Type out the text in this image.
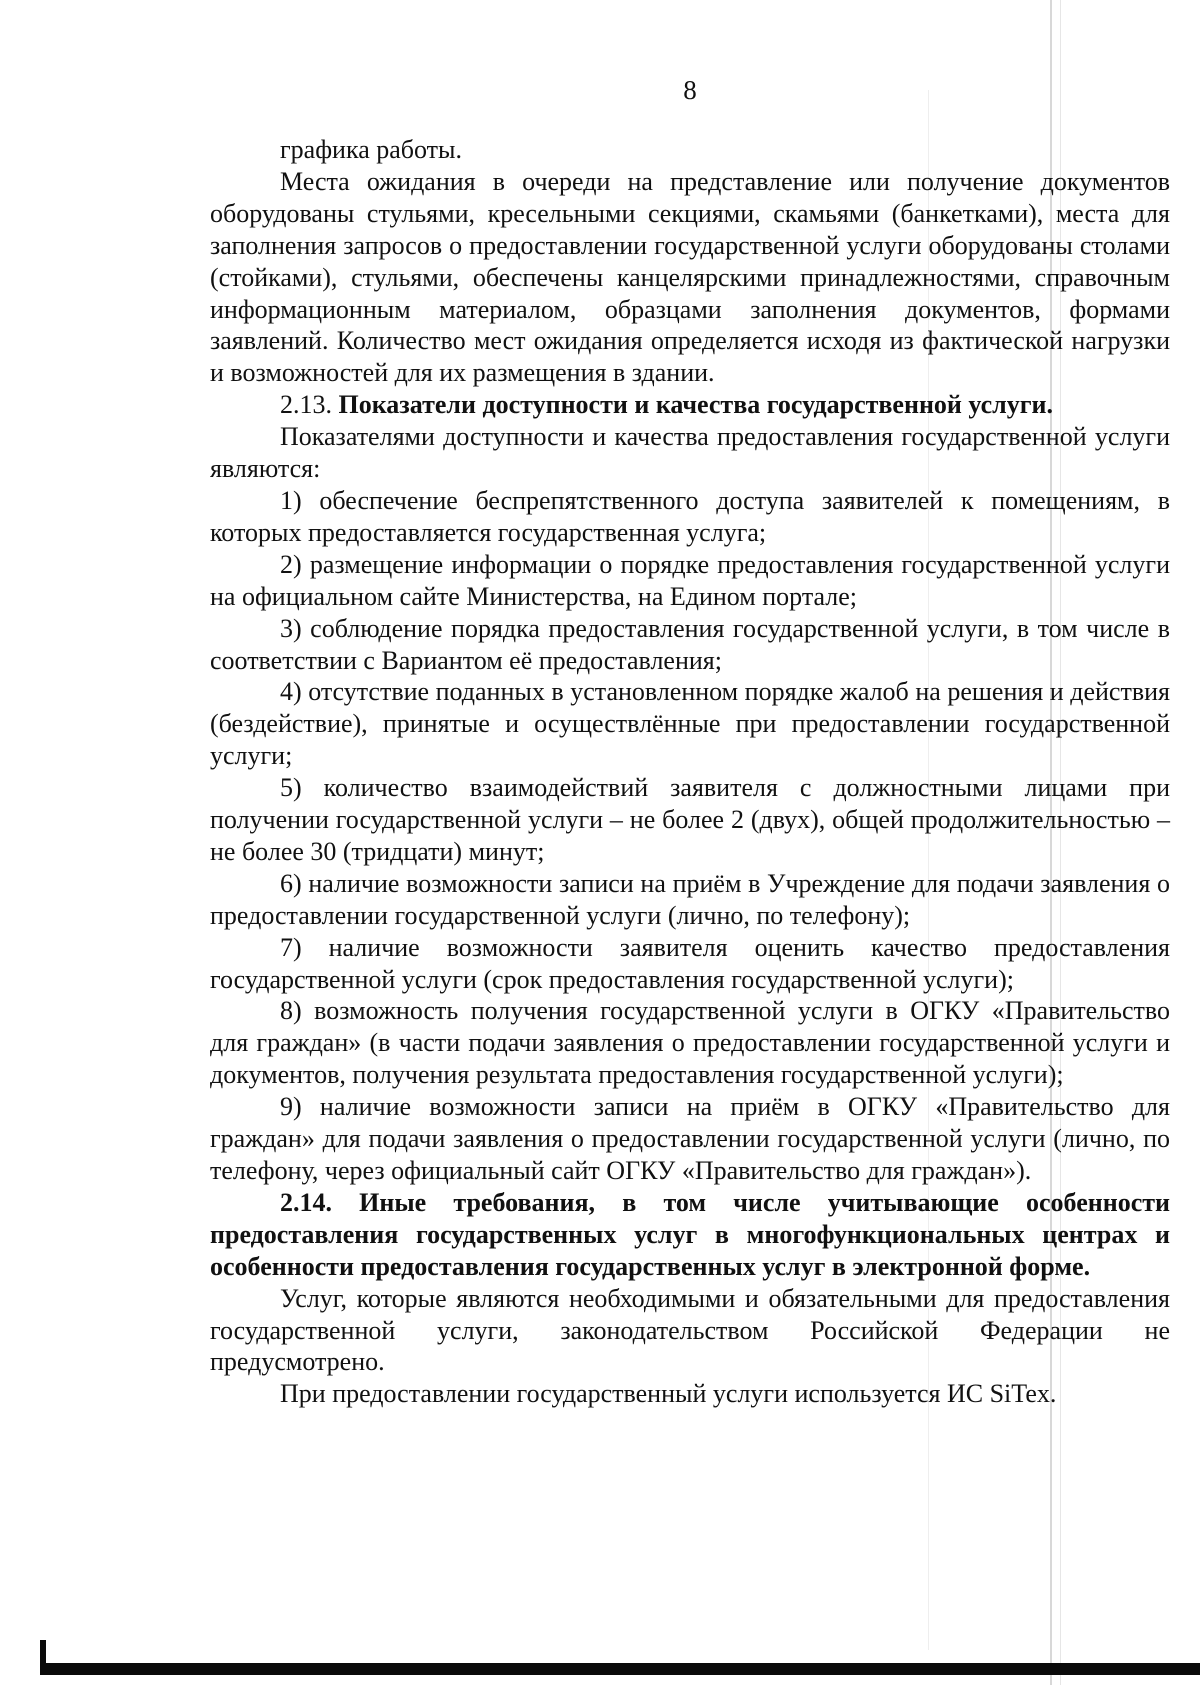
8

графика работы.

Места ожидания в очереди на представление или получение документов оборудованы стульями, кресельными секциями, скамьями (банкетками), места для заполнения запросов о предоставлении государственной услуги оборудованы столами (стойками), стульями, обеспечены канцелярскими принадлежностями, справочным информационным материалом, образцами заполнения документов, формами заявлений. Количество мест ожидания определяется исходя из фактической нагрузки и возможностей для их размещения в здании.

2.13. Показатели доступности и качества государственной услуги.

Показателями доступности и качества предоставления государственной услуги являются:

1) обеспечение беспрепятственного доступа заявителей к помещениям, в которых предоставляется государственная услуга;

2) размещение информации о порядке предоставления государственной услуги на официальном сайте Министерства, на Едином портале;

3) соблюдение порядка предоставления государственной услуги, в том числе в соответствии с Вариантом её предоставления;

4) отсутствие поданных в установленном порядке жалоб на решения и действия (бездействие), принятые и осуществлённые при предоставлении государственной услуги;

5) количество взаимодействий заявителя с должностными лицами при получении государственной услуги – не более 2 (двух), общей продолжительностью – не более 30 (тридцати) минут;

6) наличие возможности записи на приём в Учреждение для подачи заявления о предоставлении государственной услуги (лично, по телефону);

7) наличие возможности заявителя оценить качество предоставления государственной услуги (срок предоставления государственной услуги);

8) возможность получения государственной услуги в ОГКУ «Правительство для граждан» (в части подачи заявления о предоставлении государственной услуги и документов, получения результата предоставления государственной услуги);

9) наличие возможности записи на приём в ОГКУ «Правительство для граждан» для подачи заявления о предоставлении государственной услуги (лично, по телефону, через официальный сайт ОГКУ «Правительство для граждан»).

2.14. Иные требования, в том числе учитывающие особенности предоставления государственных услуг в многофункциональных центрах и особенности предоставления государственных услуг в электронной форме.

Услуг, которые являются необходимыми и обязательными для предоставления государственной услуги, законодательством Российской Федерации не предусмотрено.

При предоставлении государственный услуги используется ИС SiTex.
